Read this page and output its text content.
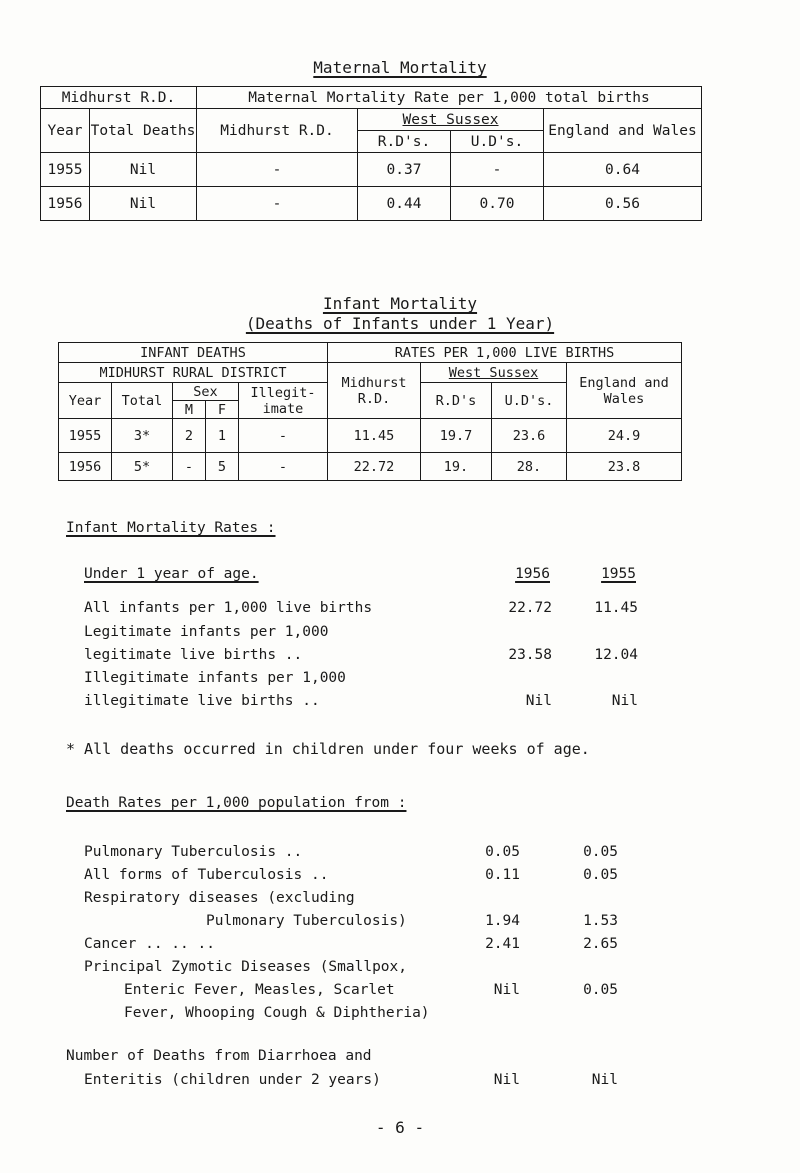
Maternal Mortality
Midhurst R.D.		Maternal Mortality Rate per 1,000 total births			
Year	Total Deaths	Midhurst R.D.	West Sussex		England and Wales
			R.D's.	U.D's.	
1955	Nil	-	0.37	-	0.64
1956	Nil	-	0.44	0.70	0.56
Infant Mortality
(Deaths of Infants under 1 Year)
INFANT DEATHS					RATES PER 1,000 LIVE BIRTHS			
MIDHURST RURAL DISTRICT					Midhurst R.D.	West Sussex		England and Wales
Year	Total	Sex		Illegit- imate		R.D's	U.D's.	
		M	F					
1955	3*	2	1	-	11.45	19.7	23.6	24.9
1956	5*	-	5	-	22.72	19.	28.	23.8
Infant Mortality Rates :
Under 1 year of age.	1956	1955
All infants per 1,000 live births	22.72	11.45
Legitimate infants per 1,000
legitimate live births ..	23.58	12.04
Illegitimate infants per 1,000
illegitimate live births ..	Nil	Nil
* All deaths occurred in children under four weeks of age.
Death Rates per 1,000 population from :
Pulmonary Tuberculosis ..	0.05	0.05
All forms of Tuberculosis ..	0.11	0.05
Respiratory diseases (excluding
Pulmonary Tuberculosis)	1.94	1.53
Cancer .. .. ..	2.41	2.65
Principal Zymotic Diseases (Smallpox,
Enteric Fever, Measles, Scarlet	Nil	0.05
Fever, Whooping Cough & Diphtheria)
Number of Deaths from Diarrhoea and
Enteritis (children under 2 years)	Nil	Nil
- 6 -
